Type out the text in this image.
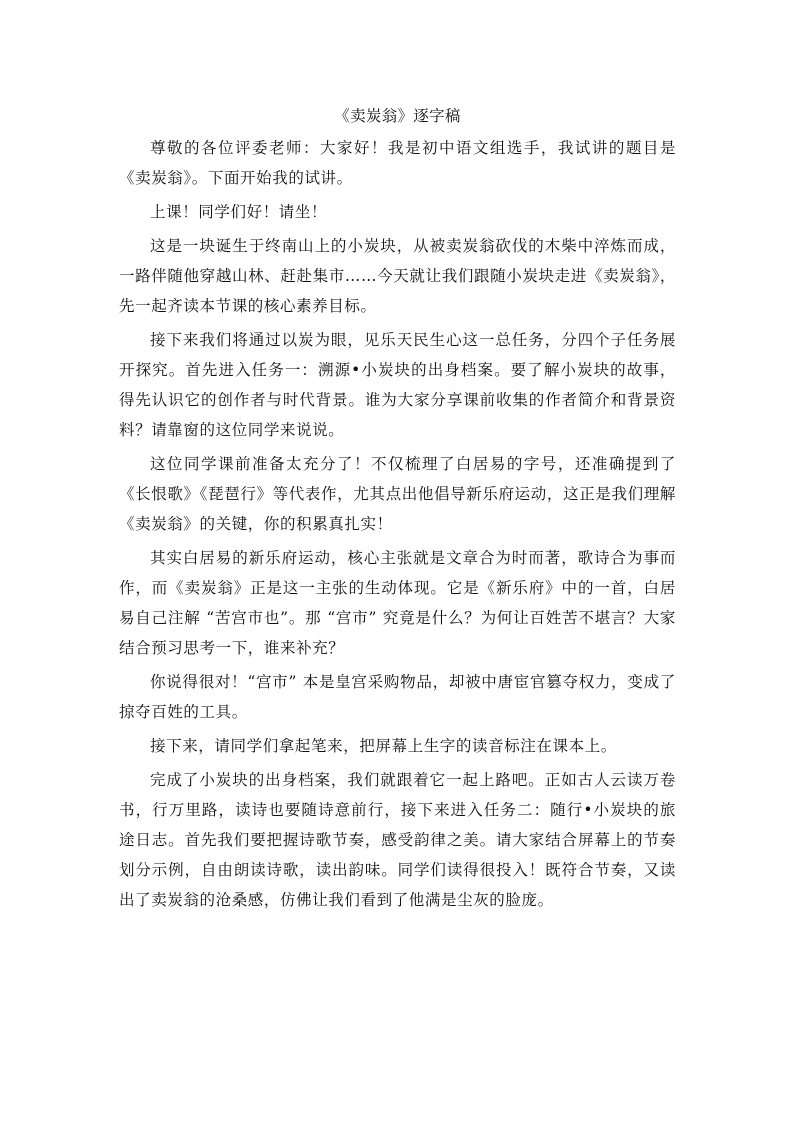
《卖炭翁》逐字稿

尊敬的各位评委老师：大家好！我是初中语文组选手，我试讲的题目是《卖炭翁》。下面开始我的试讲。

上课！同学们好！请坐！

这是一块诞生于终南山上的小炭块，从被卖炭翁砍伐的木柴中淬炼而成，一路伴随他穿越山林、赶赴集市……今天就让我们跟随小炭块走进《卖炭翁》，先一起齐读本节课的核心素养目标。

接下来我们将通过以炭为眼，见乐天民生心这一总任务，分四个子任务展开探究。首先进入任务一：溯源•小炭块的出身档案。要了解小炭块的故事，得先认识它的创作者与时代背景。谁为大家分享课前收集的作者简介和背景资料？请靠窗的这位同学来说说。

这位同学课前准备太充分了！不仅梳理了白居易的字号，还准确提到了《长恨歌》《琵琶行》等代表作，尤其点出他倡导新乐府运动，这正是我们理解《卖炭翁》的关键，你的积累真扎实！

其实白居易的新乐府运动，核心主张就是文章合为时而著，歌诗合为事而作，而《卖炭翁》正是这一主张的生动体现。它是《新乐府》中的一首，白居易自己注解 “苦宫市也”。那 “宫市” 究竟是什么？为何让百姓苦不堪言？大家结合预习思考一下，谁来补充？

你说得很对！“宫市” 本是皇宫采购物品，却被中唐宦官篡夺权力，变成了掠夺百姓的工具。

接下来，请同学们拿起笔来，把屏幕上生字的读音标注在课本上。

完成了小炭块的出身档案，我们就跟着它一起上路吧。正如古人云读万卷书，行万里路，读诗也要随诗意前行，接下来进入任务二：随行•小炭块的旅途日志。首先我们要把握诗歌节奏，感受韵律之美。请大家结合屏幕上的节奏划分示例，自由朗读诗歌，读出韵味。同学们读得很投入！既符合节奏，又读出了卖炭翁的沧桑感，仿佛让我们看到了他满是尘灰的脸庞。
